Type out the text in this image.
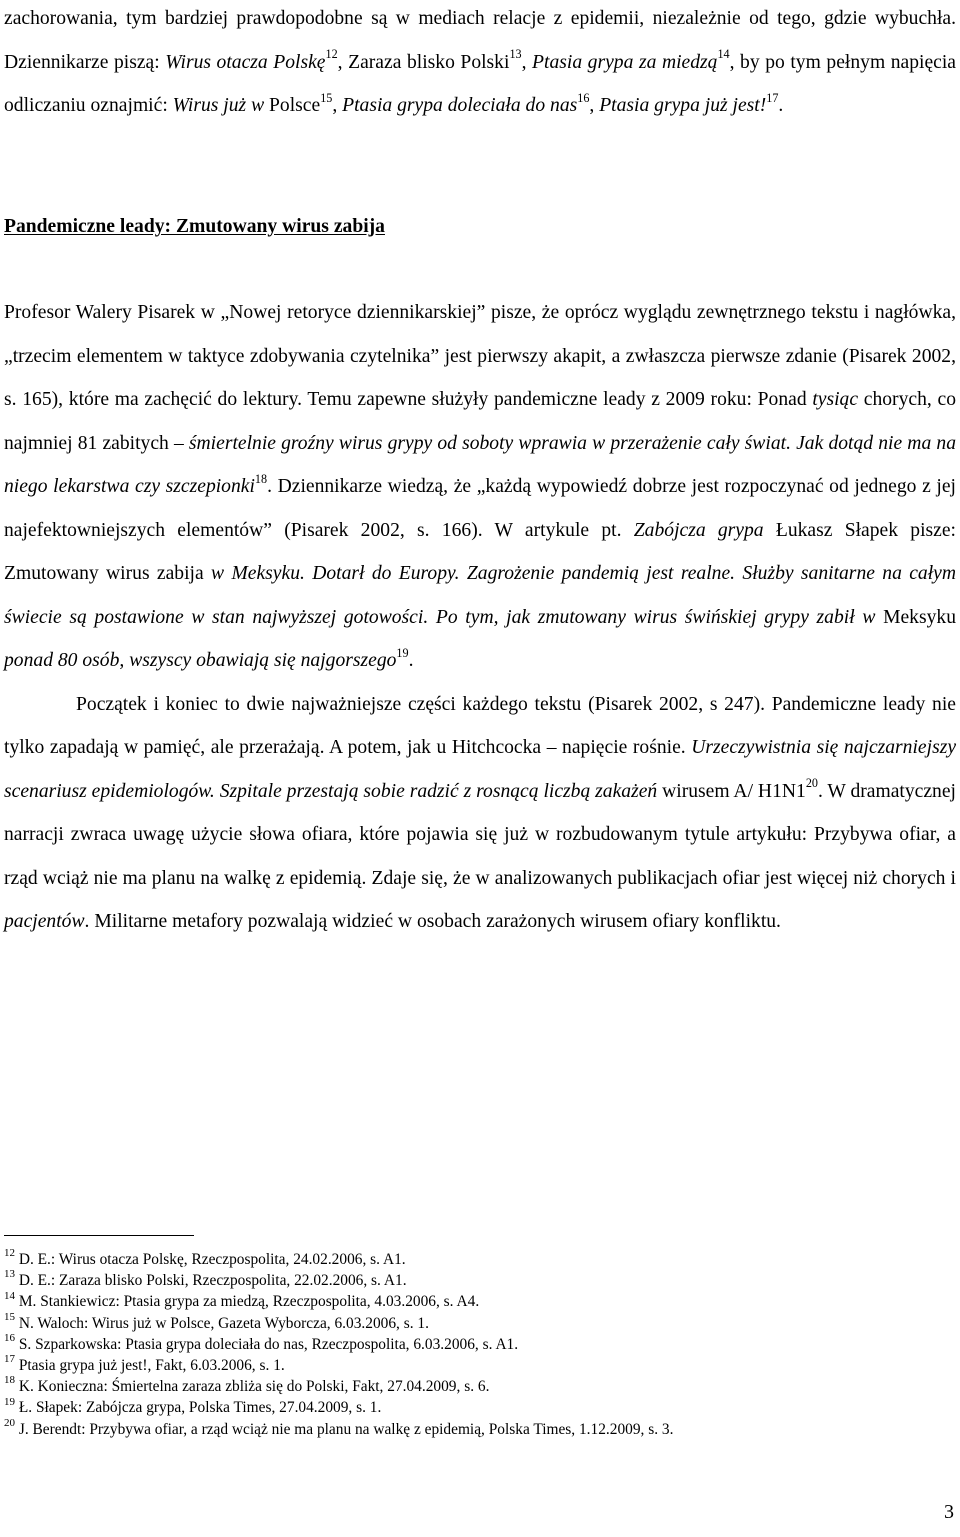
zachorowania, tym bardziej prawdopodobne są w mediach relacje z epidemii, niezależnie od tego, gdzie wybuchła. Dziennikarze piszą: Wirus otacza Polskę$^{12}$, Zaraza blisko Polski$^{13}$, Ptasia grypa za miedzą$^{14}$, by po tym pełnym napięcia odliczaniu oznajmić: Wirus już w Polsce$^{15}$, Ptasia grypa doleciała do nas$^{16}$, Ptasia grypa już jest!$^{17}$.

Pandemiczne leady: Zmutowany wirus zabija

Profesor Walery Pisarek w „Nowej retoryce dziennikarskiej” pisze, że oprócz wyglądu zewnętrznego tekstu i nagłówka, „trzecim elementem w taktyce zdobywania czytelnika” jest pierwszy akapit, a zwłaszcza pierwsze zdanie (Pisarek 2002, s. 165), które ma zachęcić do lektury. Temu zapewne służyły pandemiczne leady z 2009 roku: Ponad tysiąc chorych, co najmniej 81 zabitych – śmiertelnie groźny wirus grypy od soboty wprawia w przerażenie cały świat. Jak dotąd nie ma na niego lekarstwa czy szczepionki$^{18}$. Dziennikarze wiedzą, że „każdą wypowiedź dobrze jest rozpoczynać od jednego z jej najefektowniejszych elementów” (Pisarek 2002, s. 166). W artykule pt. Zabójcza grypa Łukasz Słapek pisze: Zmutowany wirus zabija w Meksyku. Dotarł do Europy. Zagrożenie pandemią jest realne. Służby sanitarne na całym świecie są postawione w stan najwyższej gotowości. Po tym, jak zmutowany wirus świńskiej grypy zabił w Meksyku ponad 80 osób, wszyscy obawiają się najgorszego$^{19}$.
Początek i koniec to dwie najważniejsze części każdego tekstu (Pisarek 2002, s 247). Pandemiczne leady nie tylko zapadają w pamięć, ale przerażają. A potem, jak u Hitchcocka – napięcie rośnie. Urzeczywistnia się najczarniejszy scenariusz epidemiologów. Szpitale przestają sobie radzić z rosnącą liczbą zakażeń wirusem A/ $H1N1^{20}$. W dramatycznej narracji zwraca uwagę użycie słowa ofiara, które pojawia się już w rozbudowanym tytule artykułu: Przybywa ofiar, a rząd wciąż nie ma planu na walkę z epidemią. Zdaje się, że w analizowanych publikacjach ofiar jest więcej niż chorych i pacjentów. Militarne metafory pozwalają widzieć w osobach zarażonych wirusem ofiary konfliktu.

$^{12}$ D. E.: Wirus otacza Polskę, Rzeczpospolita, 24.02.2006, s. A1.
$^{13}$ D. E.: Zaraza blisko Polski, Rzeczpospolita, 22.02.2006, s. A1.
$^{14}$ M. Stankiewicz: Ptasia grypa za miedzą, Rzeczpospolita, 4.03.2006, s. A4.
$^{15}$ N. Waloch: Wirus już w Polsce, Gazeta Wyborcza, 6.03.2006, s. 1.
$^{16}$ S. Szparkowska: Ptasia grypa doleciała do nas, Rzeczpospolita, 6.03.2006, s. A1.
$^{17}$ Ptasia grypa już jest!, Fakt, 6.03.2006, s. 1.
$^{18}$ K. Konieczna: Śmiertelna zaraza zbliża się do Polski, Fakt, 27.04.2009, s. 6.
$^{19}$ Ł. Słapek: Zabójcza grypa, Polska Times, 27.04.2009, s. 1.
$^{20}$ J. Berendt: Przybywa ofiar, a rząd wciąż nie ma planu na walkę z epidemią, Polska Times, 1.12.2009, s. 3.
3
